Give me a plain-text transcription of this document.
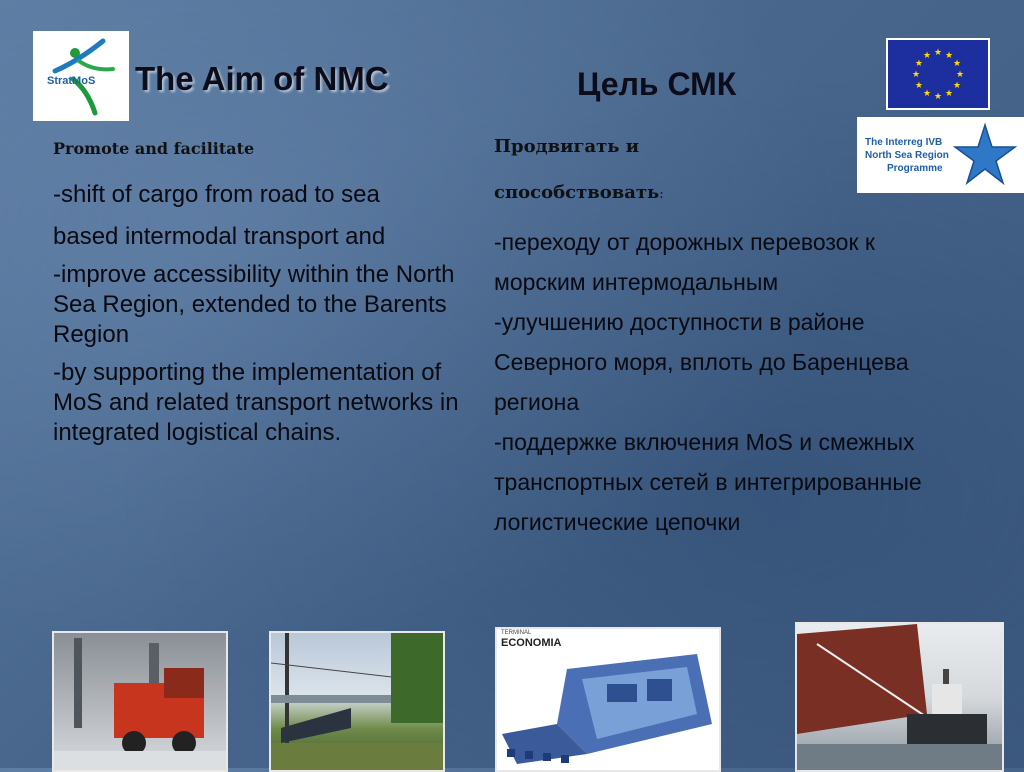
StratMoS The Aim of NMC	Цель СМК
★ ★
★
★
★
★
★
★
★
★
★
★
The Interreg IVB
North Sea Region
Programme
Promote and facilitate

-shift of cargo from road to sea

based intermodal transport and

-improve accessibility within the North Sea Region, extended to the Barents Region

-by supporting the implementation of MoS and related transport networks in integrated logistical chains.

Продвигать и
способствовать:

-переходу от дорожных перевозок к

морским интермодальным

-улучшению доступности в районе

Северного моря, вплоть до Баренцева

региона

-поддержке включения MoS и смежных

транспортных сетей в интегрированные

логистические цепочки

TERMINAL
ECONOMIA
